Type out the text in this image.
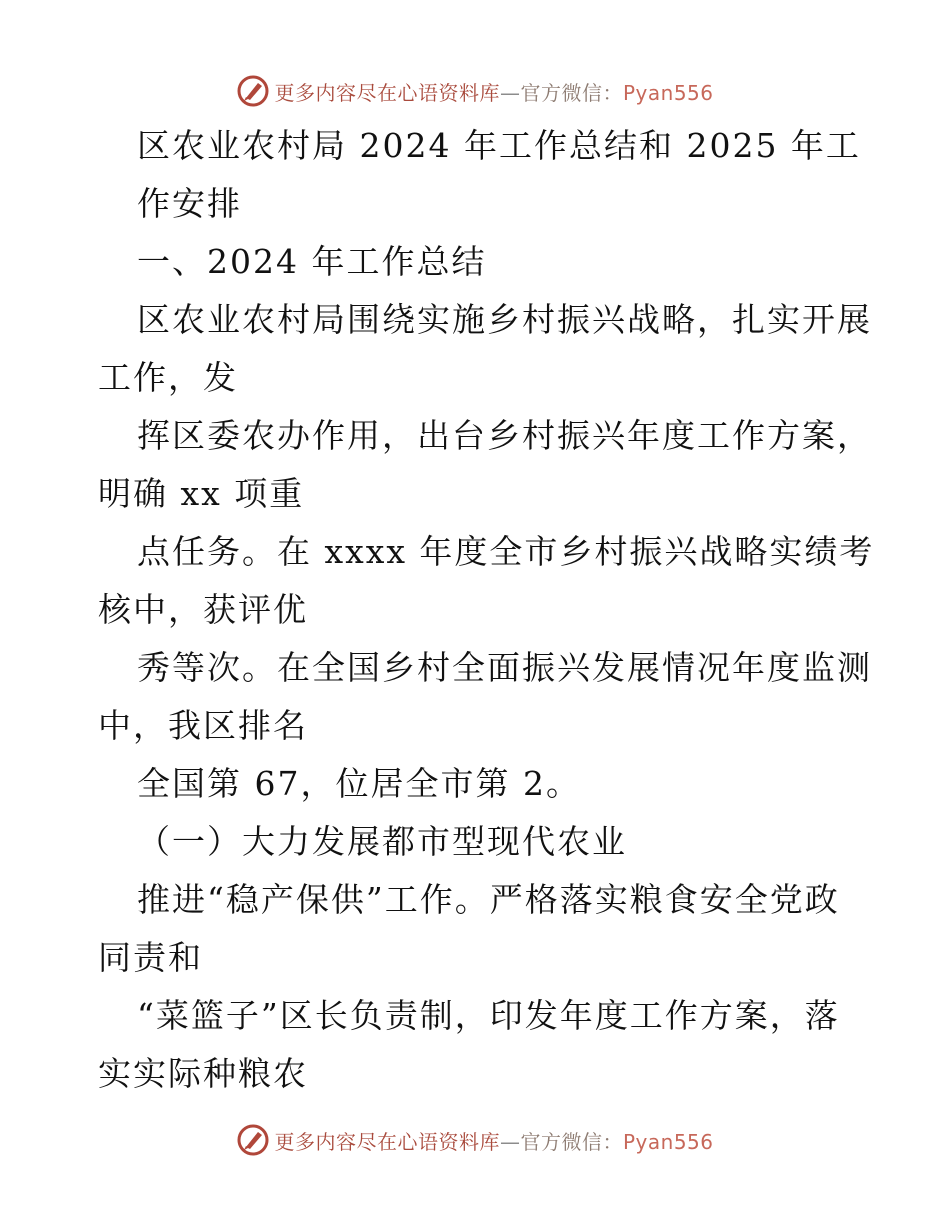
更多内容尽在心语资料库—官方微信：Pyan556
区农业农村局 2024 年工作总结和 2025 年工
作安排
一、2024 年工作总结
区农业农村局围绕实施乡村振兴战略，扎实开展
工作，发
挥区委农办作用，出台乡村振兴年度工作方案，
明确 xx 项重
点任务。在 xxxx 年度全市乡村振兴战略实绩考
核中，获评优
秀等次。在全国乡村全面振兴发展情况年度监测
中，我区排名
全国第 67，位居全市第 2。
（一）大力发展都市型现代农业
推进“稳产保供”工作。严格落实粮食安全党政
同责和
“菜篮子”区长负责制，印发年度工作方案，落
实实际种粮农
更多内容尽在心语资料库—官方微信：Pyan556
